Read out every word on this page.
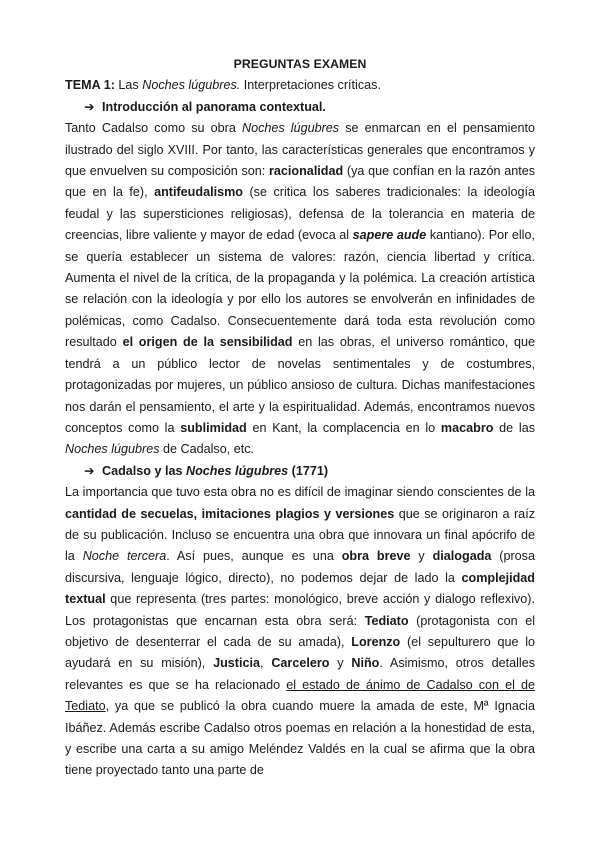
PREGUNTAS EXAMEN

TEMA 1: Las Noches lúgubres. Interpretaciones críticas.

➔ Introducción al panorama contextual.

Tanto Cadalso como su obra Noches lúgubres se enmarcan en el pensamiento ilustrado del siglo XVIII. Por tanto, las características generales que encontramos y que envuelven su composición son: racionalidad (ya que confían en la razón antes que en la fe), antifeudalismo (se critica los saberes tradicionales: la ideología feudal y las supersticiones religiosas), defensa de la tolerancia en materia de creencias, libre valiente y mayor de edad (evoca al sapere aude kantiano). Por ello, se quería establecer un sistema de valores: razón, ciencia libertad y crítica. Aumenta el nivel de la crítica, de la propaganda y la polémica. La creación artística se relación con la ideología y por ello los autores se envolverán en infinidades de polémicas, como Cadalso. Consecuentemente dará toda esta revolución como resultado el origen de la sensibilidad en las obras, el universo romántico, que tendrá a un público lector de novelas sentimentales y de costumbres, protagonizadas por mujeres, un público ansioso de cultura. Dichas manifestaciones nos darán el pensamiento, el arte y la espiritualidad. Además, encontramos nuevos conceptos como la sublimidad en Kant, la complacencia en lo macabro de las Noches lúgubres de Cadalso, etc.

➔ Cadalso y las Noches lúgubres (1771)

La importancia que tuvo esta obra no es difícil de imaginar siendo conscientes de la cantidad de secuelas, imitaciones plagios y versiones que se originaron a raíz de su publicación. Incluso se encuentra una obra que innovara un final apócrifo de la Noche tercera. Así pues, aunque es una obra breve y dialogada (prosa discursiva, lenguaje lógico, directo), no podemos dejar de lado la complejidad textual que representa (tres partes: monológico, breve acción y dialogo reflexivo). Los protagonistas que encarnan esta obra será: Tediato (protagonista con el objetivo de desenterrar el cada de su amada), Lorenzo (el sepulturero que lo ayudará en su misión), Justicia, Carcelero y Niño. Asimismo, otros detalles relevantes es que se ha relacionado el estado de ánimo de Cadalso con el de Tediato, ya que se publicó la obra cuando muere la amada de este, Mª Ignacia Ibáñez. Además escribe Cadalso otros poemas en relación a la honestidad de esta, y escribe una carta a su amigo Meléndez Valdés en la cual se afirma que la obra tiene proyectado tanto una parte de
